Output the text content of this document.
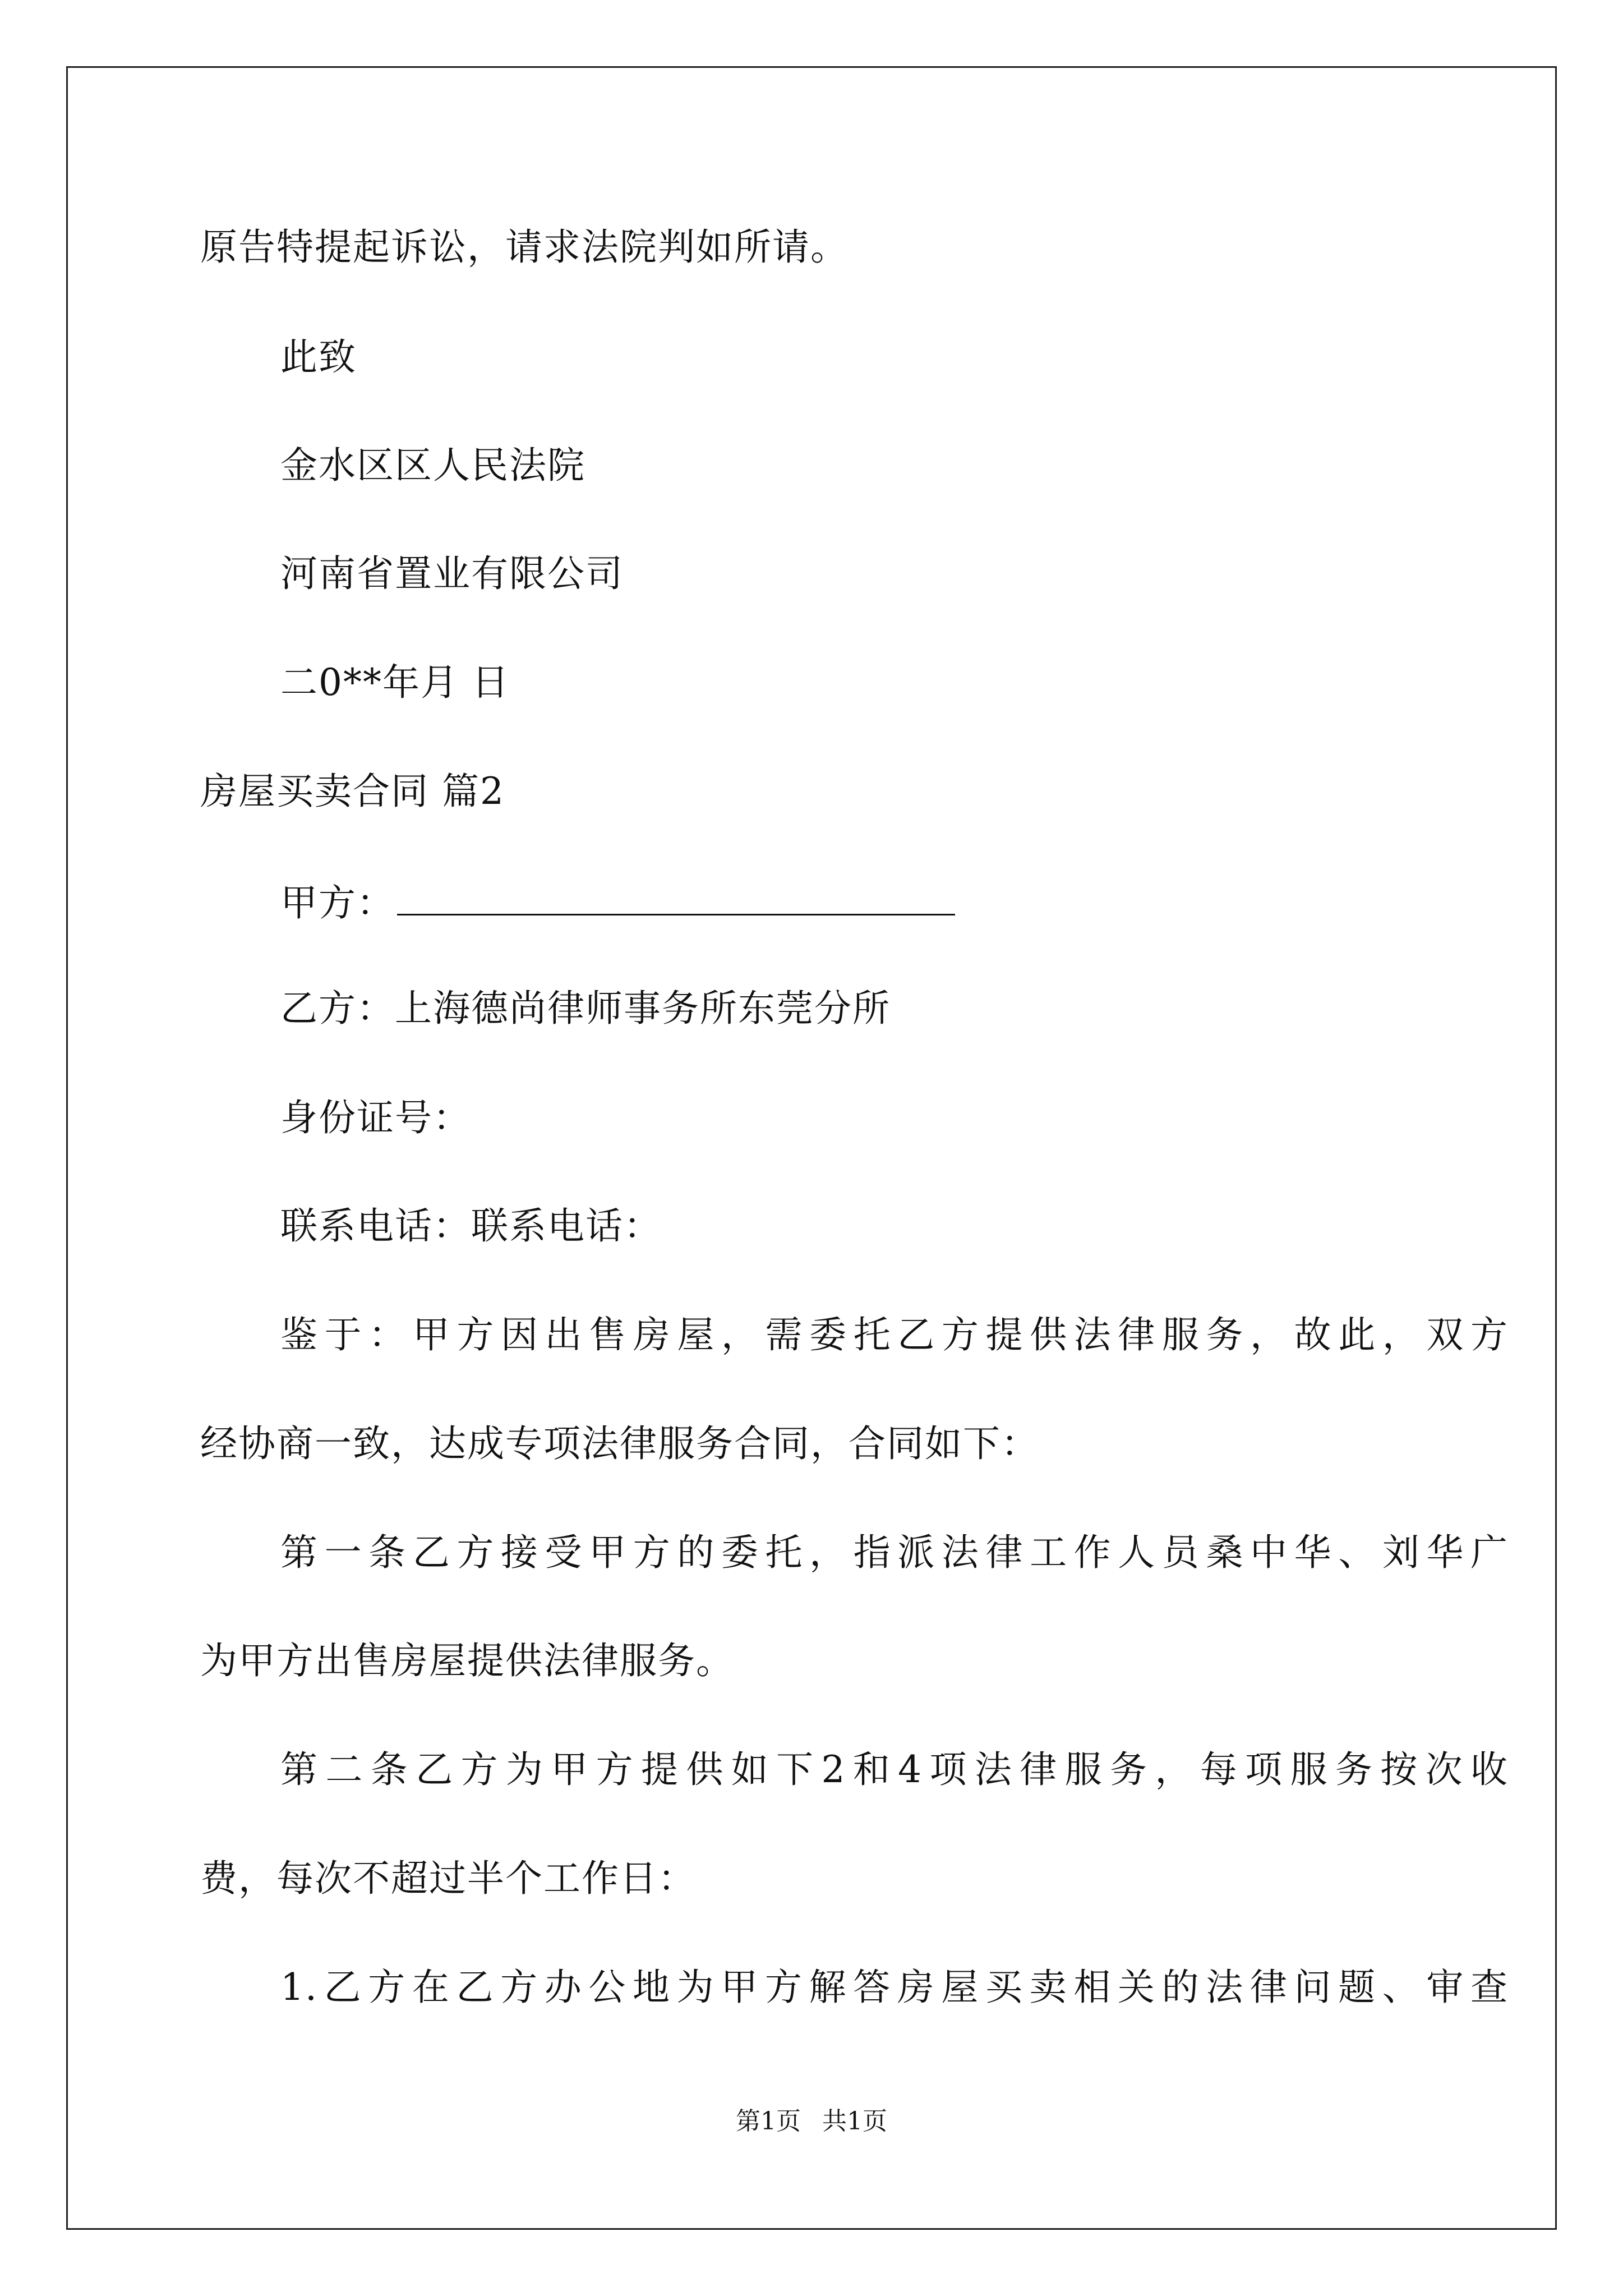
原告特提起诉讼，请求法院判如所请。
此致
金水区区人民法院
河南省置业有限公司
二0**年月 日
房屋买卖合同 篇2
甲方：
乙方：上海德尚律师事务所东莞分所
身份证号：
联系电话：联系电话：
鉴于：甲方因出售房屋，需委托乙方提供法律服务，故此，双方
经协商一致，达成专项法律服务合同，合同如下：
第一条乙方接受甲方的委托，指派法律工作人员桑中华、刘华广
为甲方出售房屋提供法律服务。
第二条乙方为甲方提供如下2和4项法律服务，每项服务按次收
费，每次不超过半个工作日：
1.乙方在乙方办公地为甲方解答房屋买卖相关的法律问题、审查
第1页 共1页
